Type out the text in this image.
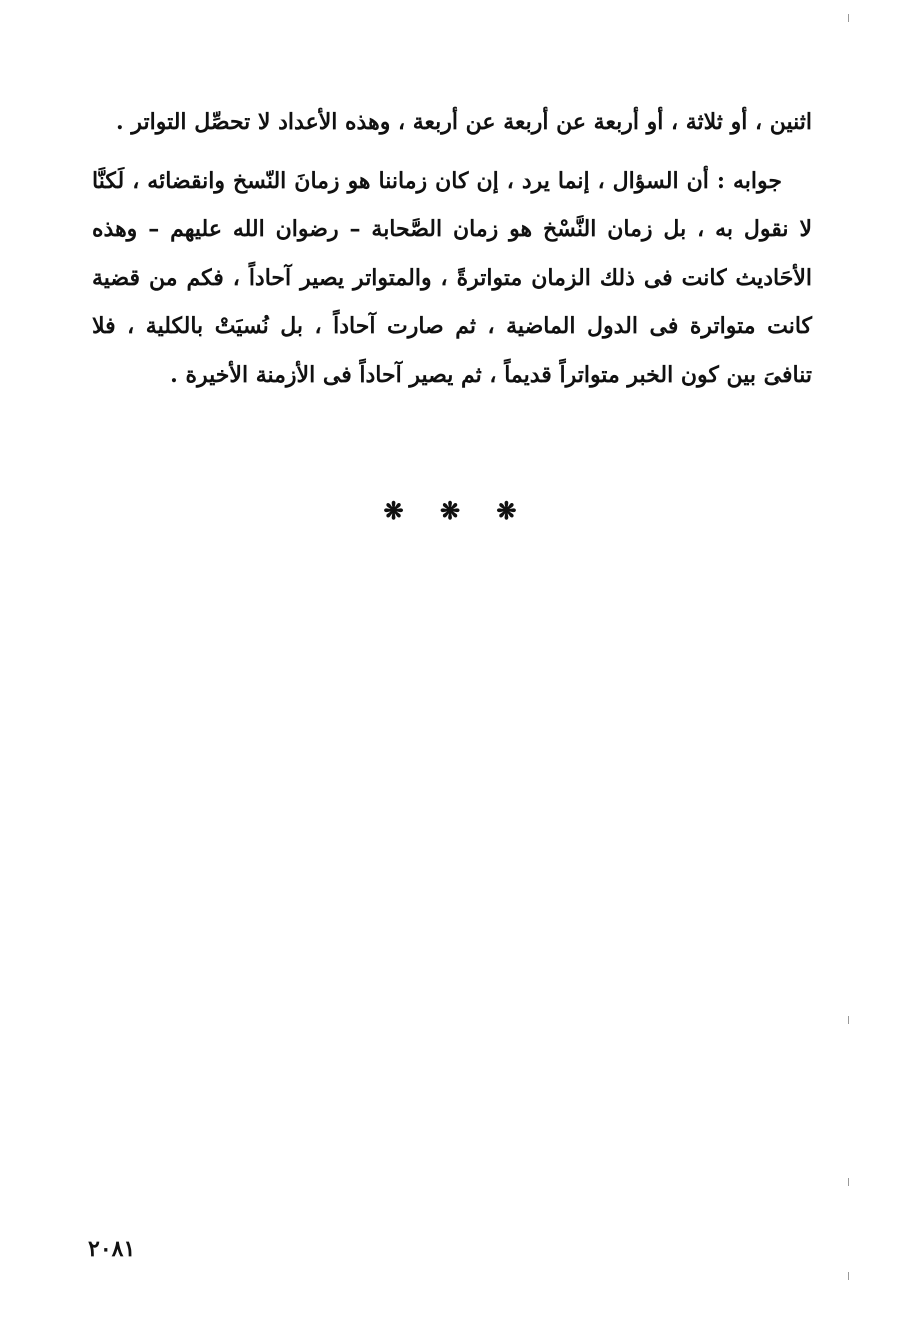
اثنين ، أو ثلاثة ، أو أربعة عن أربعة عن أربعة ، وهذه الأعداد لا تحصِّل التواتر .

جوابه : أن السؤال ، إنما يرد ، إن كان زماننا هو زمانَ النّسخ وانقضائه ، لَكنَّا لا نقول به ، بل زمان النَّسْخ هو زمان الصَّحابة – رضوان الله عليهم – وهذه الأحَاديث كانت فى ذلك الزمان متواترةً ، والمتواتر يصير آحاداً ، فكم من قضية كانت متواترة فى الدول الماضية ، ثم صارت آحاداً ، بل نُسيَتْ بالكلية ، فلا تنافىَ بين كون الخبر متواتراً قديماً ، ثم يصير آحاداً فى الأزمنة الأخيرة .

❋ ❋ ❋
٢٠٨١
